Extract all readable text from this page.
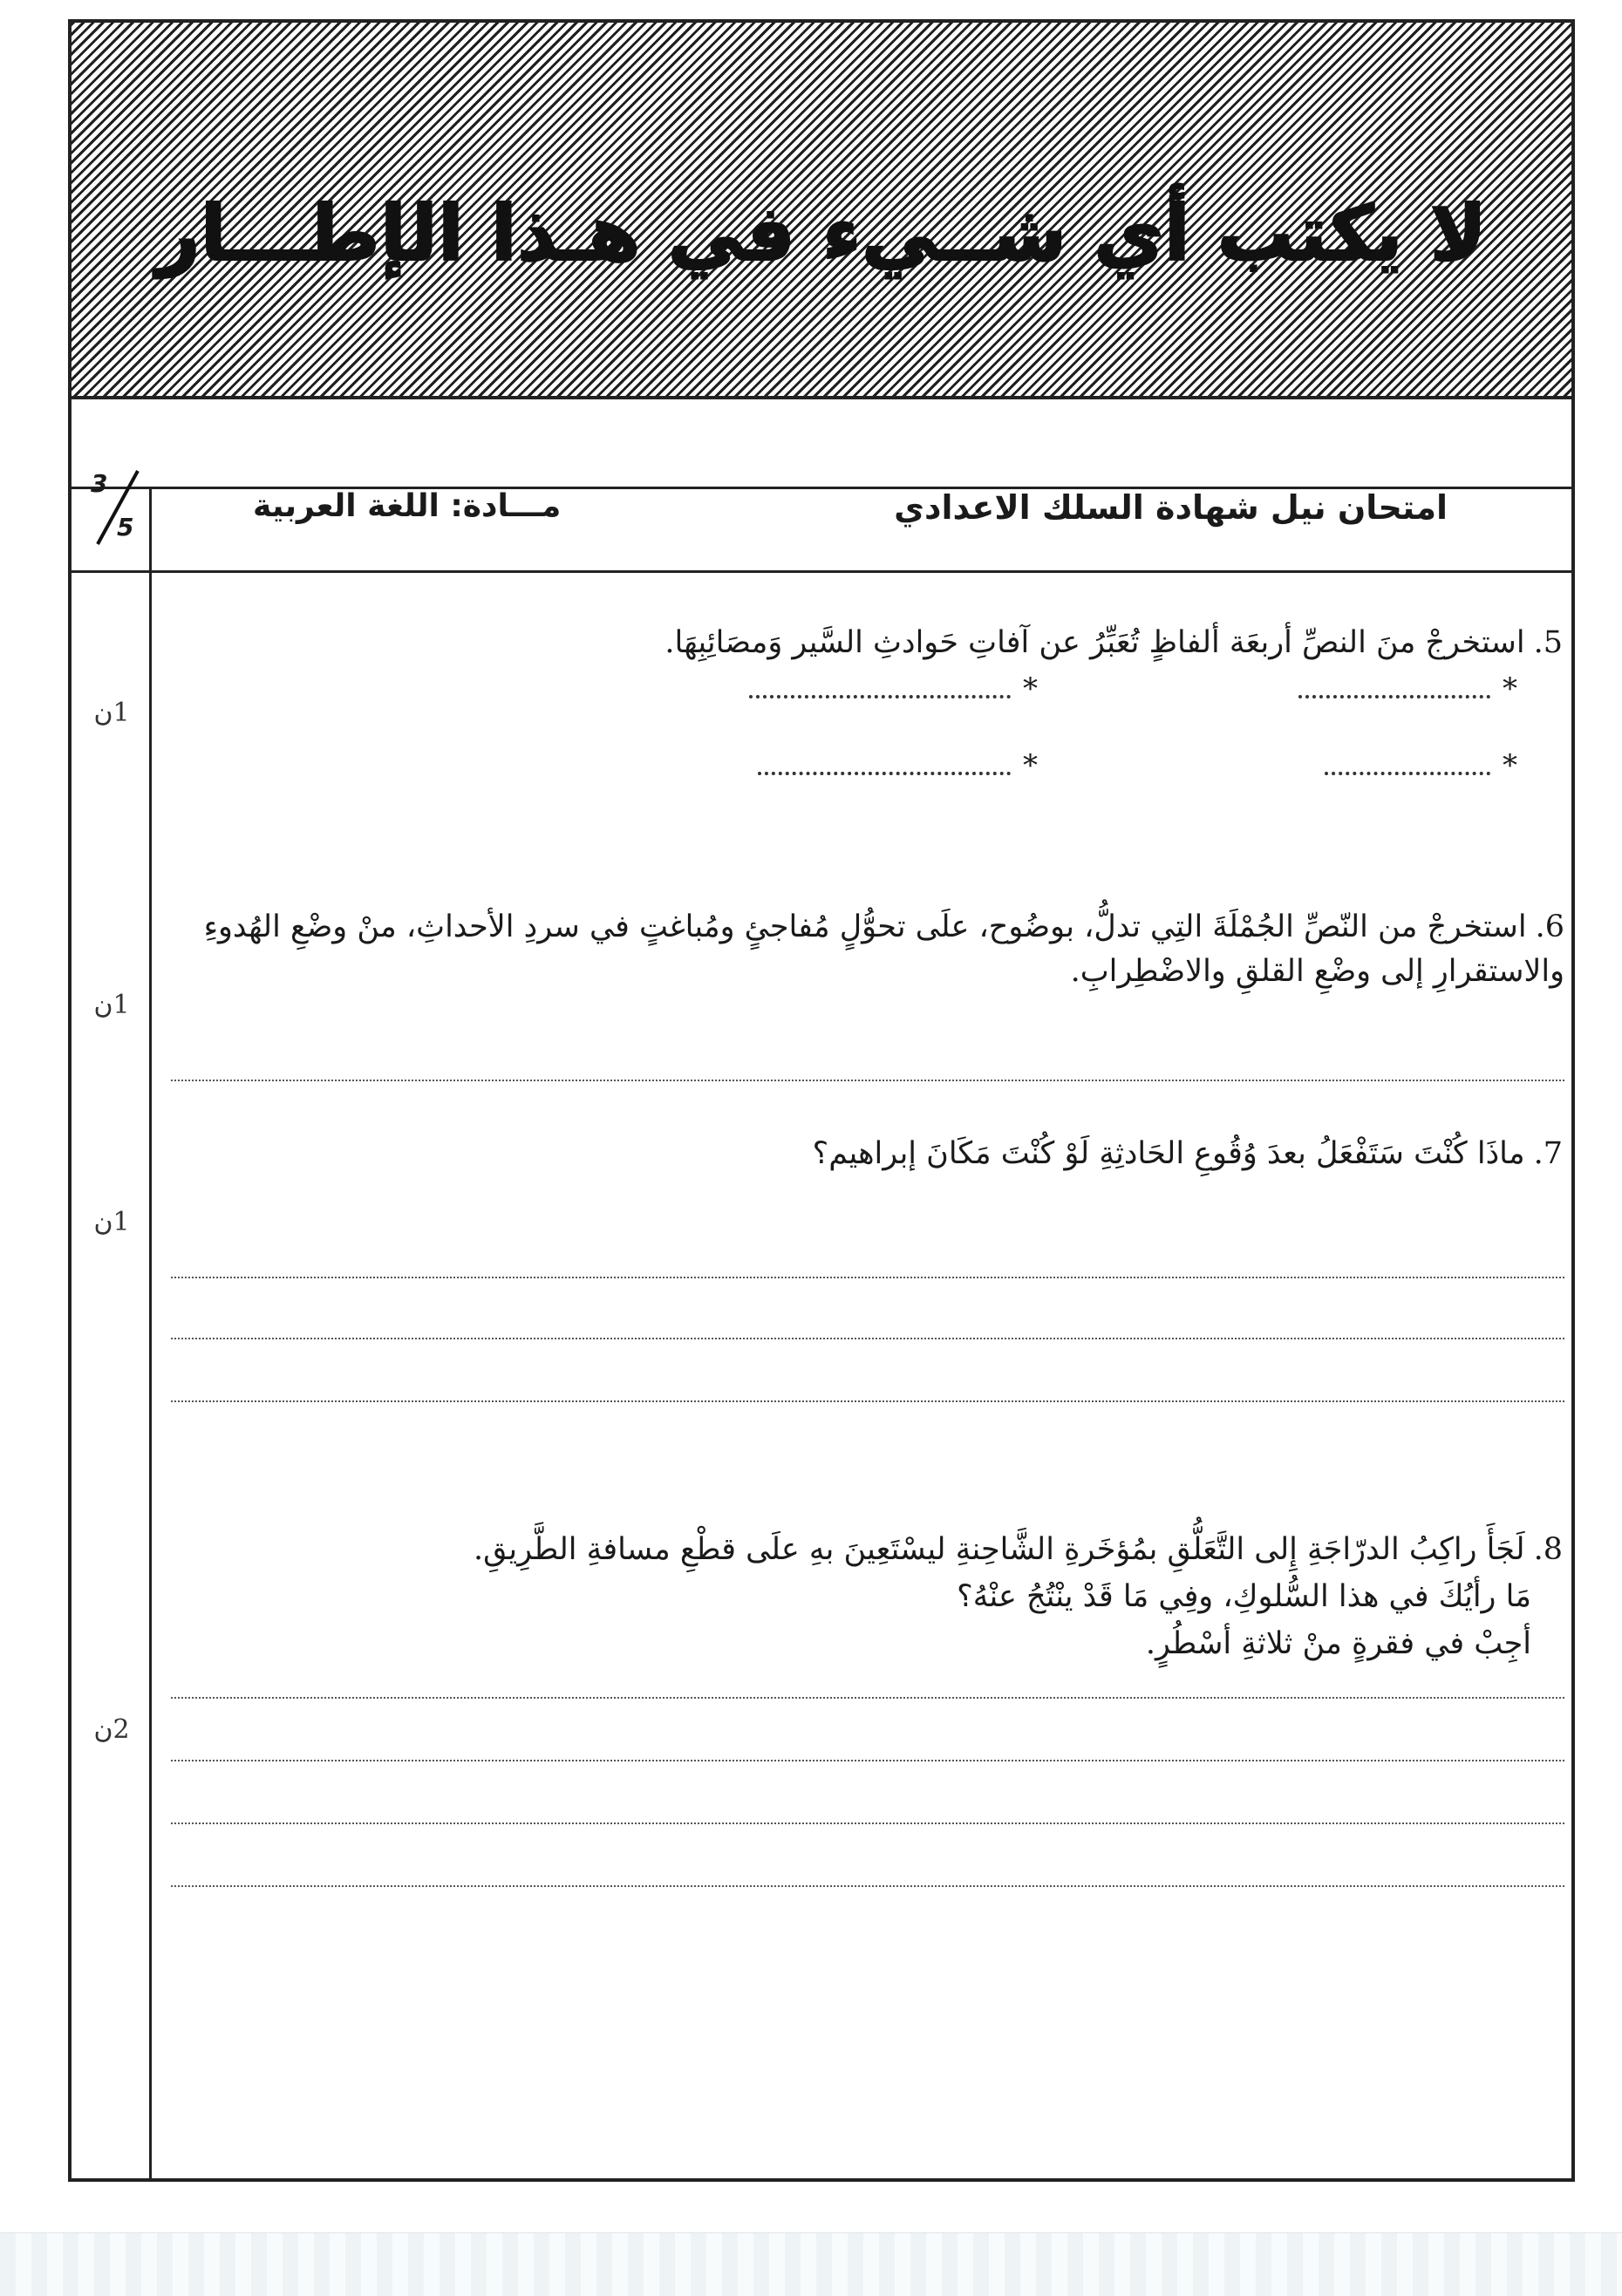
لا يكتب أي شــيء في هـذا الإطـــار
3
5
امتحان نيل شهادة السلك الاعدادي
مـــادة: اللغة العربية
5.استخرجْ منَ النصِّ أربعَة ألفاظٍ تُعَبِّرُ عن آفاتِ حَوادثِ السَّير وَمصَائِبِهَا.
1ن
*
*
*
*
6.استخرجْ من النّصِّ الجُمْلَةَ التِي تدلُّ، بوضُوح، علَى تحوُّلٍ مُفاجئٍ ومُباغتٍ في سردِ الأحداثِ، منْ وضْعِ الهُدوءِ والاستقرارِ إلى وضْعِ القلقِ والاضْطِرابِ.
1ن
7.ماذَا كُنْتَ سَتَفْعَلُ بعدَ وُقُوعِ الحَادثِةِ لَوْ كُنْتَ مَكَانَ إبراهيم؟
1ن
8.لَجَأَ راكِبُ الدرّاجَةِ إِلى التَّعَلُّقِ بمُؤخَرةِ الشَّاحِنةِ ليسْتَعِينَ بهِ علَى قطْعِ مسافةِ الطَّرِيقِ.
مَا رأيُكَ في هذا السُّلوكِ، وفِي مَا قَدْ ينْتُجُ عنْهُ؟
أجِبْ في فقرةٍ منْ ثلاثةِ أسْطُرٍ.
2ن
